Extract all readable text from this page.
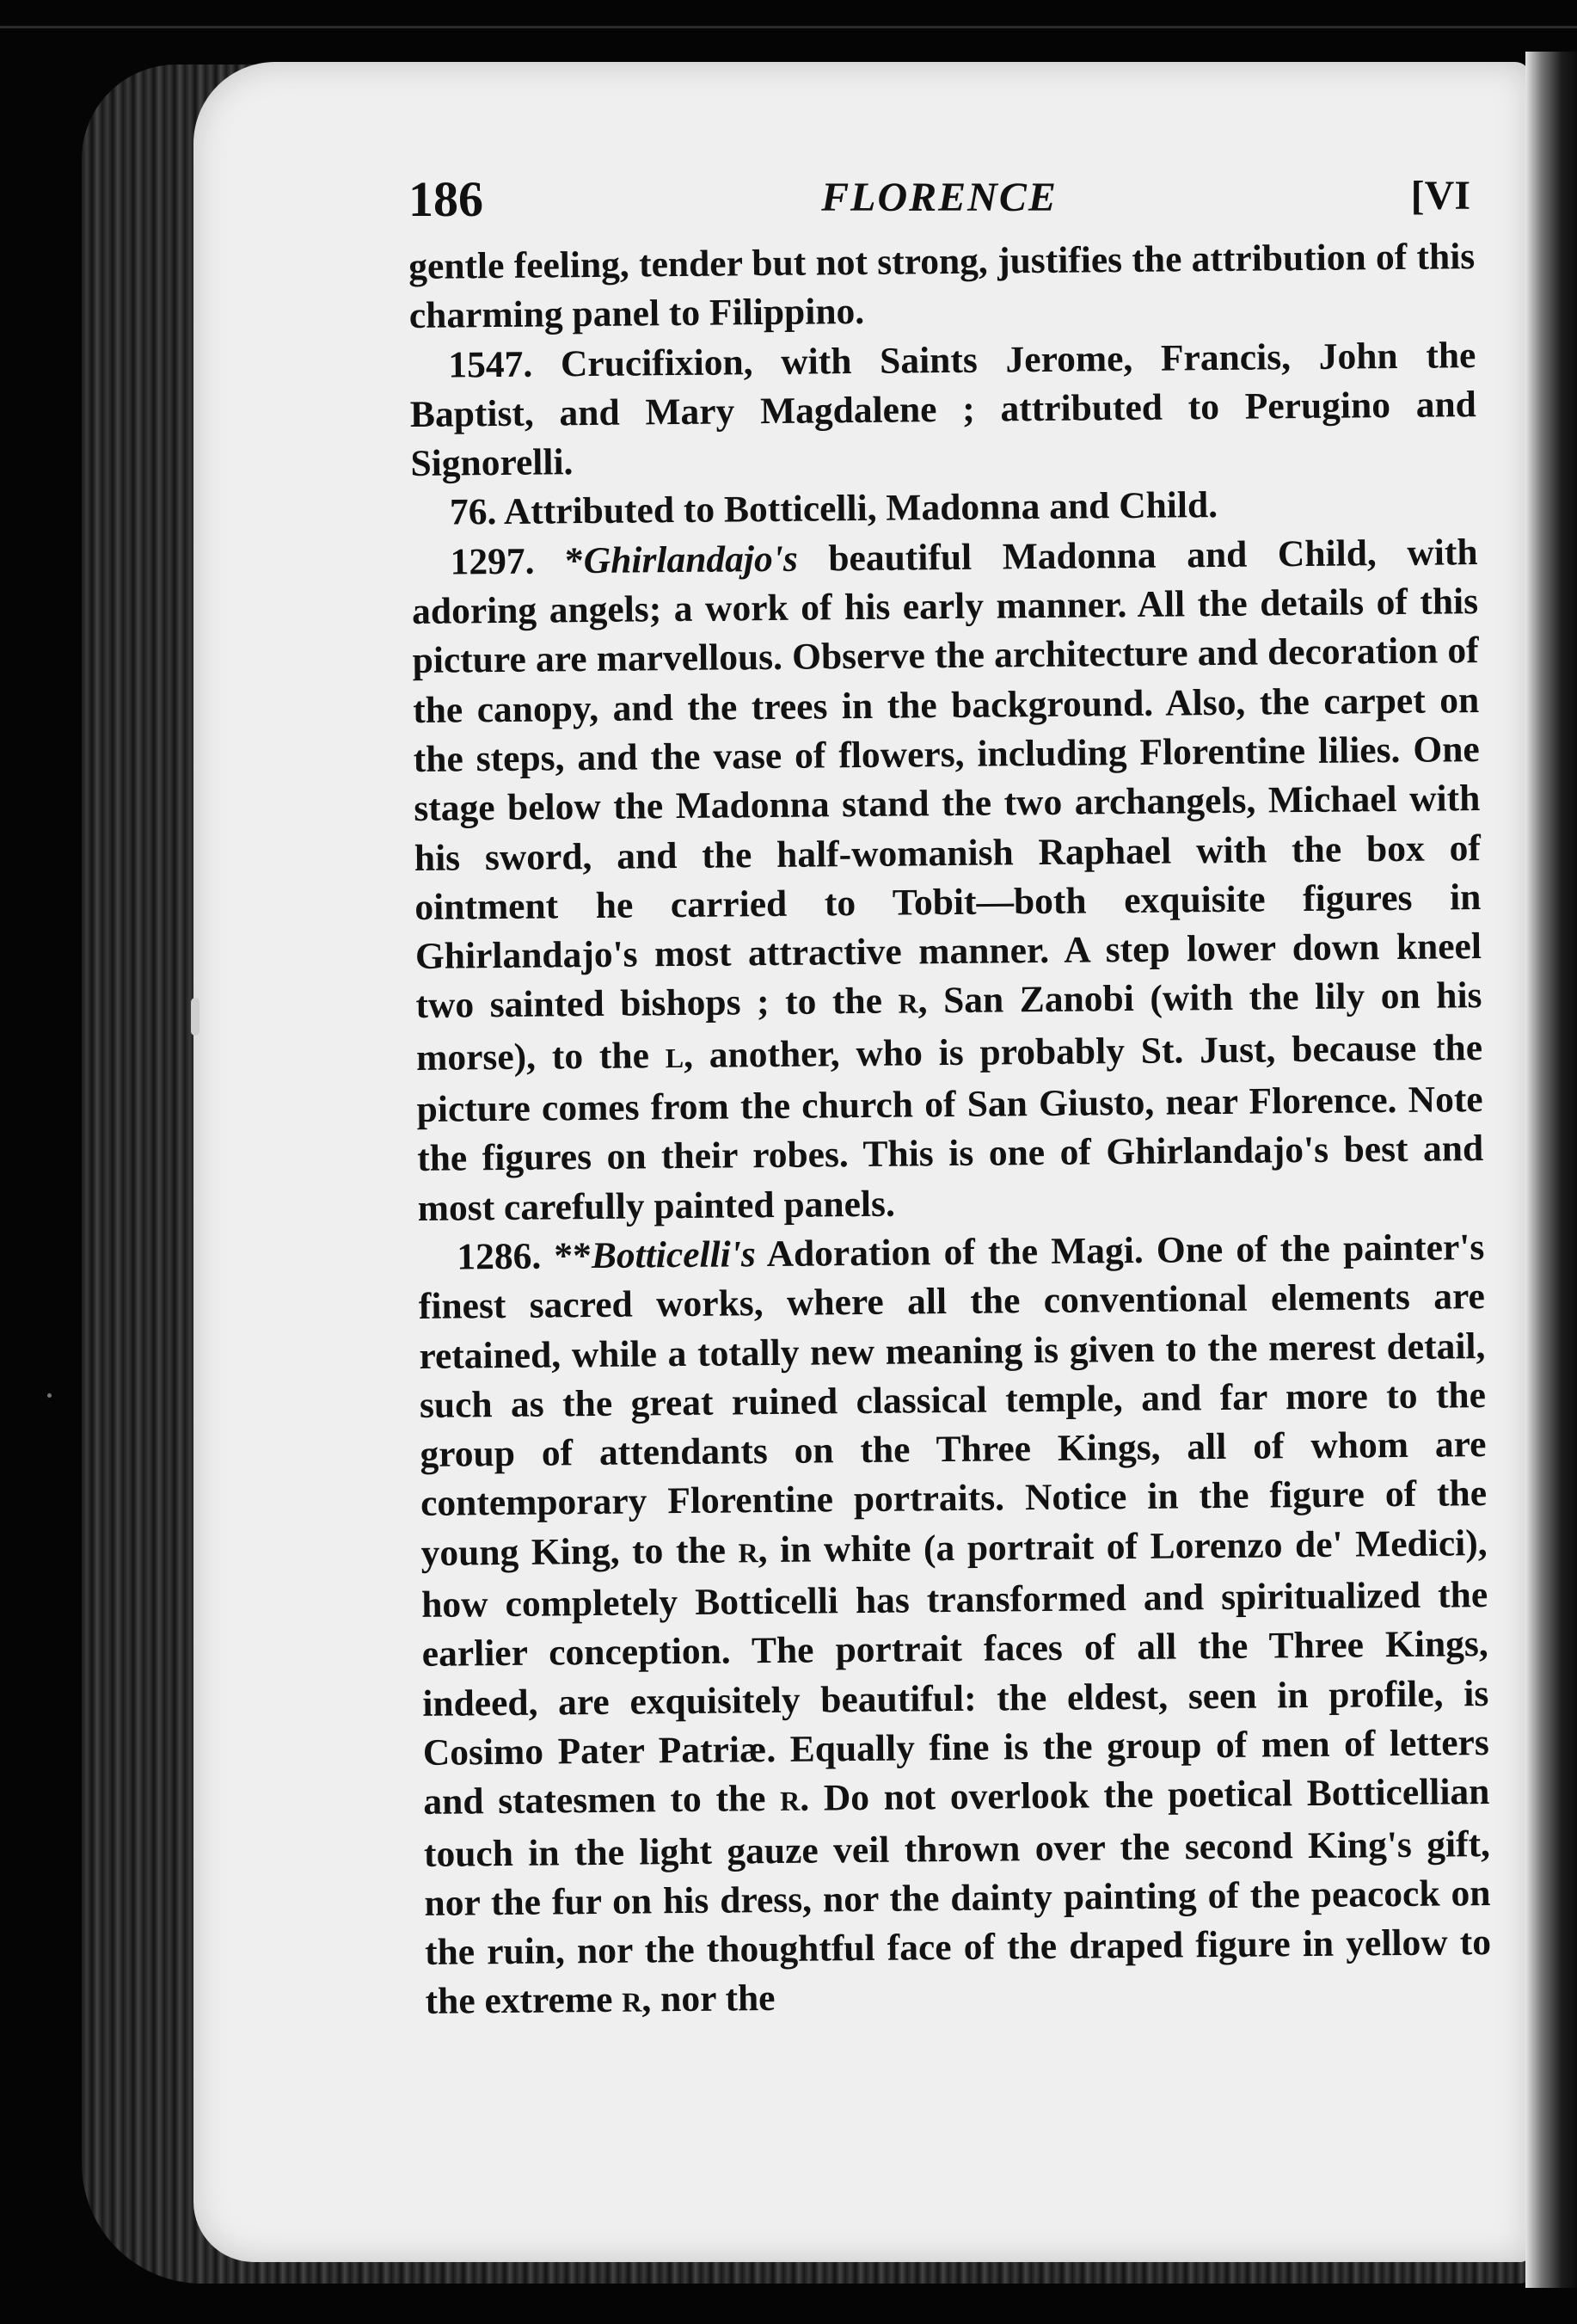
186	FLORENCE	[VI

gentle feeling, tender but not strong, justifies the attribution of this charming panel to Filippino.

1547. Crucifixion, with Saints Jerome, Francis, John the Baptist, and Mary Magdalene ; attributed to Perugino and Signorelli.

76. Attributed to Botticelli, Madonna and Child.

1297. *Ghirlandajo's beautiful Madonna and Child, with adoring angels; a work of his early manner. All the details of this picture are marvellous. Observe the architecture and decoration of the canopy, and the trees in the background. Also, the carpet on the steps, and the vase of flowers, including Florentine lilies. One stage below the Madonna stand the two archangels, Michael with his sword, and the half-womanish Raphael with the box of ointment he carried to Tobit—both exquisite figures in Ghirlandajo's most attractive manner. A step lower down kneel two sainted bishops ; to the R, San Zanobi (with the lily on his morse), to the L, another, who is probably St. Just, because the picture comes from the church of San Giusto, near Florence. Note the figures on their robes. This is one of Ghirlandajo's best and most carefully painted panels.

1286. **Botticelli's Adoration of the Magi. One of the painter's finest sacred works, where all the conventional elements are retained, while a totally new meaning is given to the merest detail, such as the great ruined classical temple, and far more to the group of attendants on the Three Kings, all of whom are contemporary Florentine portraits. Notice in the figure of the young King, to the R, in white (a portrait of Lorenzo de' Medici), how completely Botticelli has transformed and spiritualized the earlier conception. The portrait faces of all the Three Kings, indeed, are exquisitely beautiful: the eldest, seen in profile, is Cosimo Pater Patriæ. Equally fine is the group of men of letters and statesmen to the R. Do not overlook the poetical Botticellian touch in the light gauze veil thrown over the second King's gift, nor the fur on his dress, nor the dainty painting of the peacock on the ruin, nor the thoughtful face of the draped figure in yellow to the extreme R, nor the
